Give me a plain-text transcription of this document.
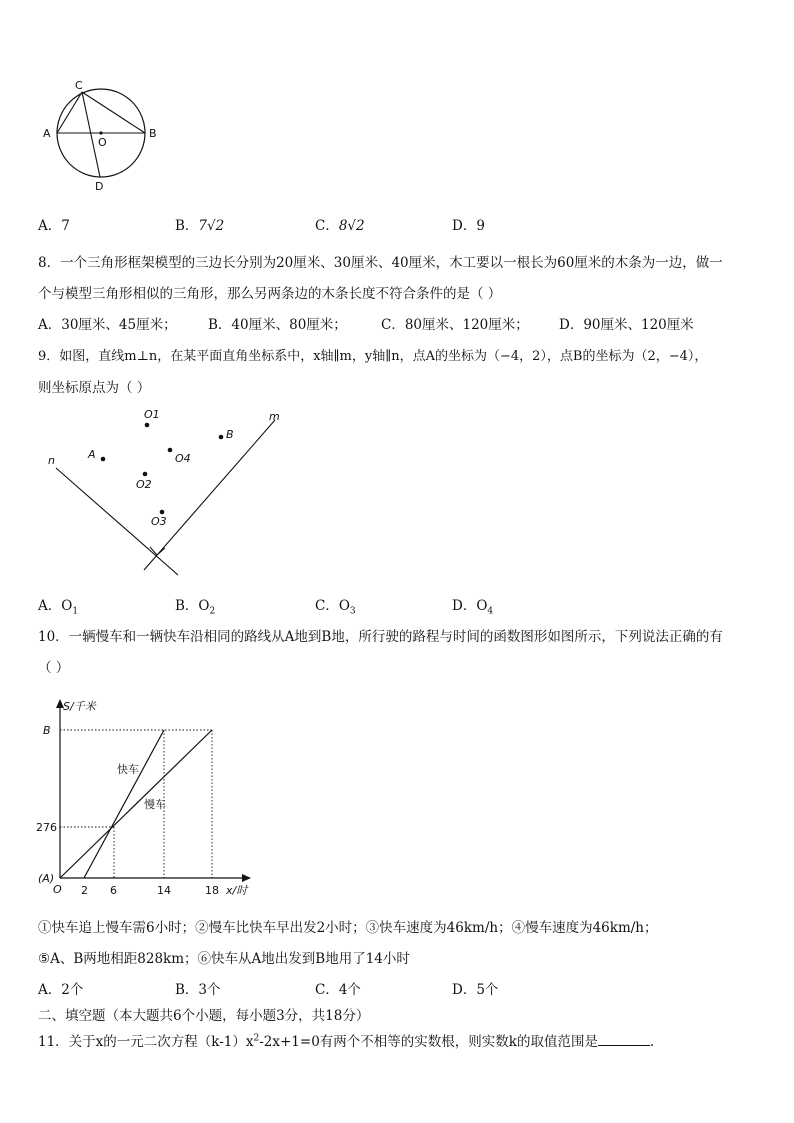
A	B
C
D
O
A．7	B．7√2	C．8√2	D．9
8．一个三角形框架模型的三边长分别为20厘米、30厘米、40厘米，木工要以一根长为60厘米的木条为一边，做一
个与模型三角形相似的三角形，那么另两条边的木条长度不符合条件的是（ ）
A．30厘米、45厘米； B．40厘米、80厘米；	C．80厘米、120厘米； D．90厘米、120厘米
9．如图，直线m⊥n，在某平面直角坐标系中，x轴∥m，y轴∥n，点A的坐标为（−4，2），点B的坐标为（2，−4），
则坐标原点为（ ）
n
m
A
B
O1
O4
O2
O3
A．$O_1$	B．$O_2$	C．$O_3$	D．$O_4$
10．一辆慢车和一辆快车沿相同的路线从A地到B地，所行驶的路程与时间的函数图形如图所示，下列说法正确的有
（ ）
S/千米
B
276
(A)
O 2 6	14	18 x/时
快车
慢车
①快车追上慢车需6小时；②慢车比快车早出发2小时；③快车速度为46km/h；④慢车速度为46km/h；
⑤A、B两地相距828km；⑥快车从A地出发到B地用了14小时
A．2个	B．3个	C．4个	D．5个
二、填空题（本大题共6个小题，每小题3分，共18分）
11．关于x的一元二次方程$(k-1)x^2-2x+1=0$有两个不相等的实数根，则实数k的取值范围是	．
